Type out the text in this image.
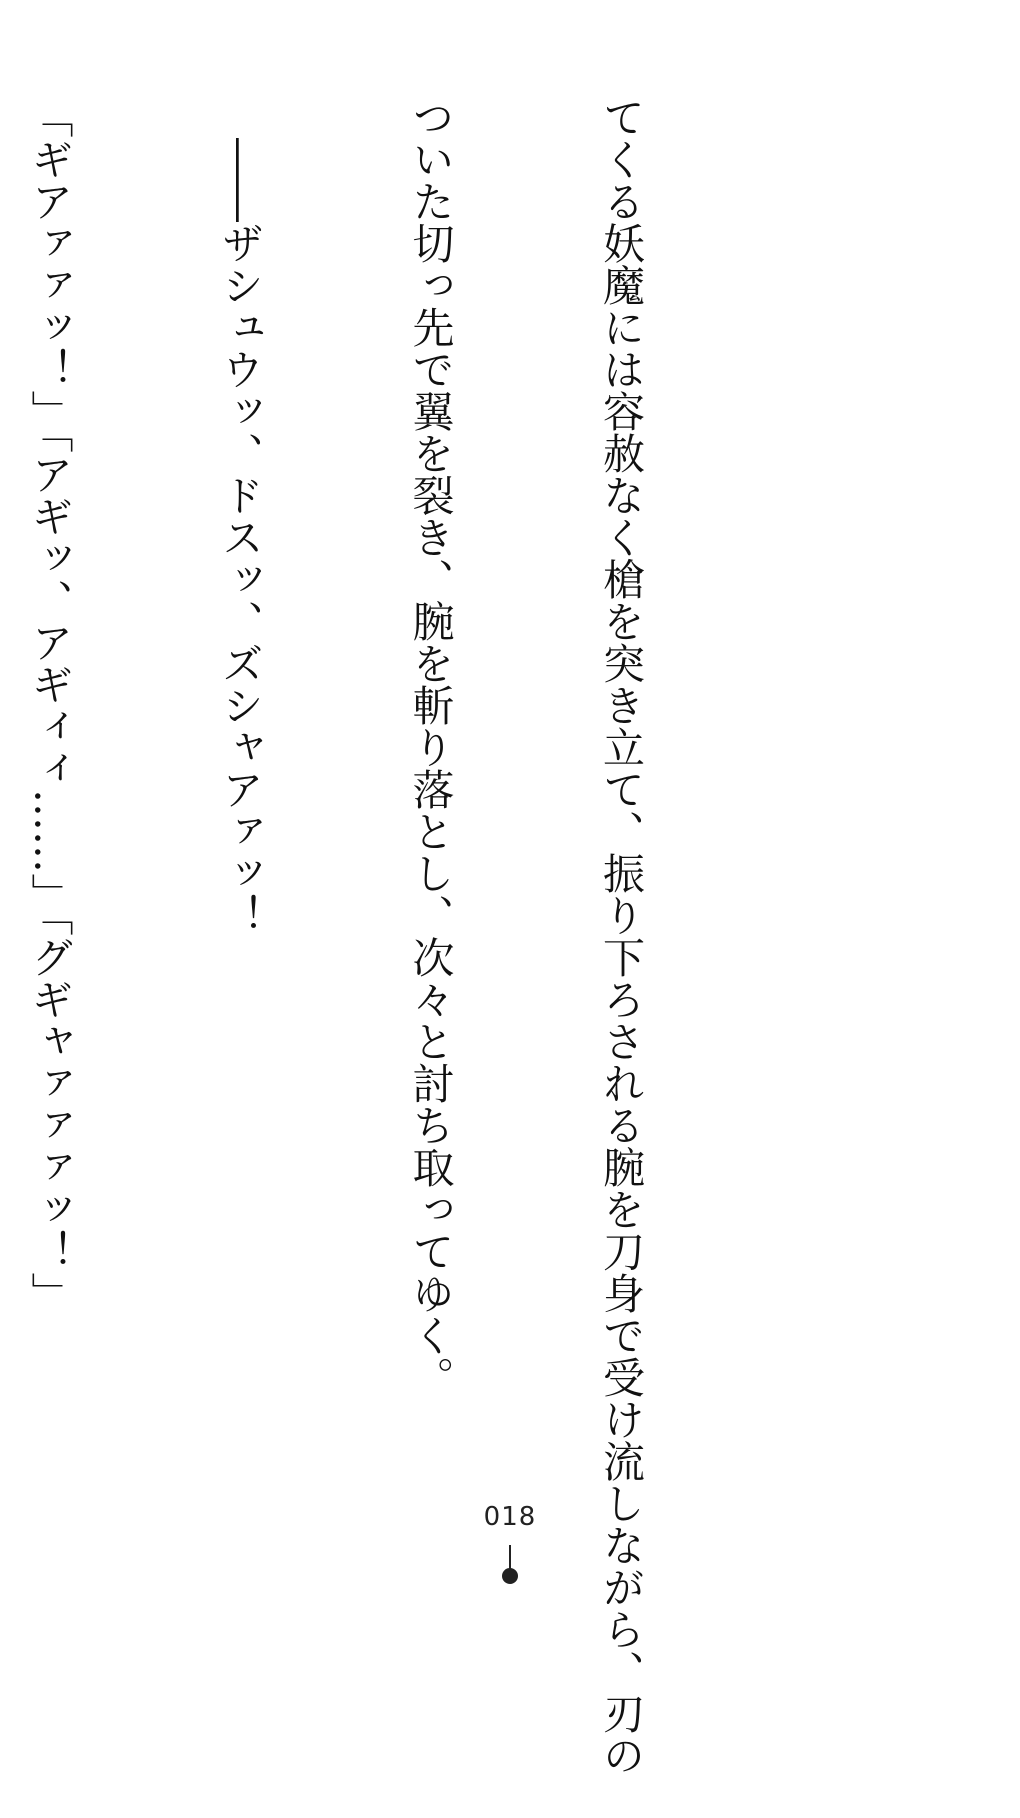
てくる妖魔には容赦なく槍を突き立て、振り下ろされる腕を刀身で受け流しながら、刃の

ついた切っ先で翼を裂き、腕を斬り落とし、次々と討ち取ってゆく。

　――ザシュウッ、ドスッ、ズシャアァッ！

「ギアァァッ！」「アギッ、アギィィ……」「グギャァァァッ！」

018
